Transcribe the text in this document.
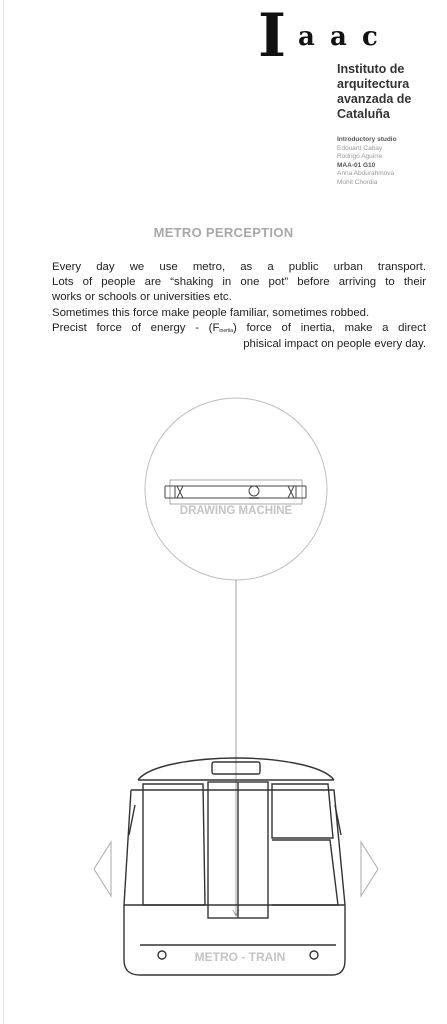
I a a c
Instituto de
arquitectura
avanzada de
Cataluña
Introductory studio
Edouard Cabay
Rodrigo Aguirre
MAA-01 G10
Anna Abdurahmova
Mohit Chordia
METRO PERCEPTION
Every day we use metro, as a public urban transport.
Lots of people are “shaking in one pot” before arriving to their
works or schools or universities etc.
Sometimes this force make people familiar, sometimes robbed.
Precist force of energy - $(F_{inertia})$ force of inertia, make a direct
phisical impact on people every day.
DRAWING MACHINE
METRO - TRAIN
